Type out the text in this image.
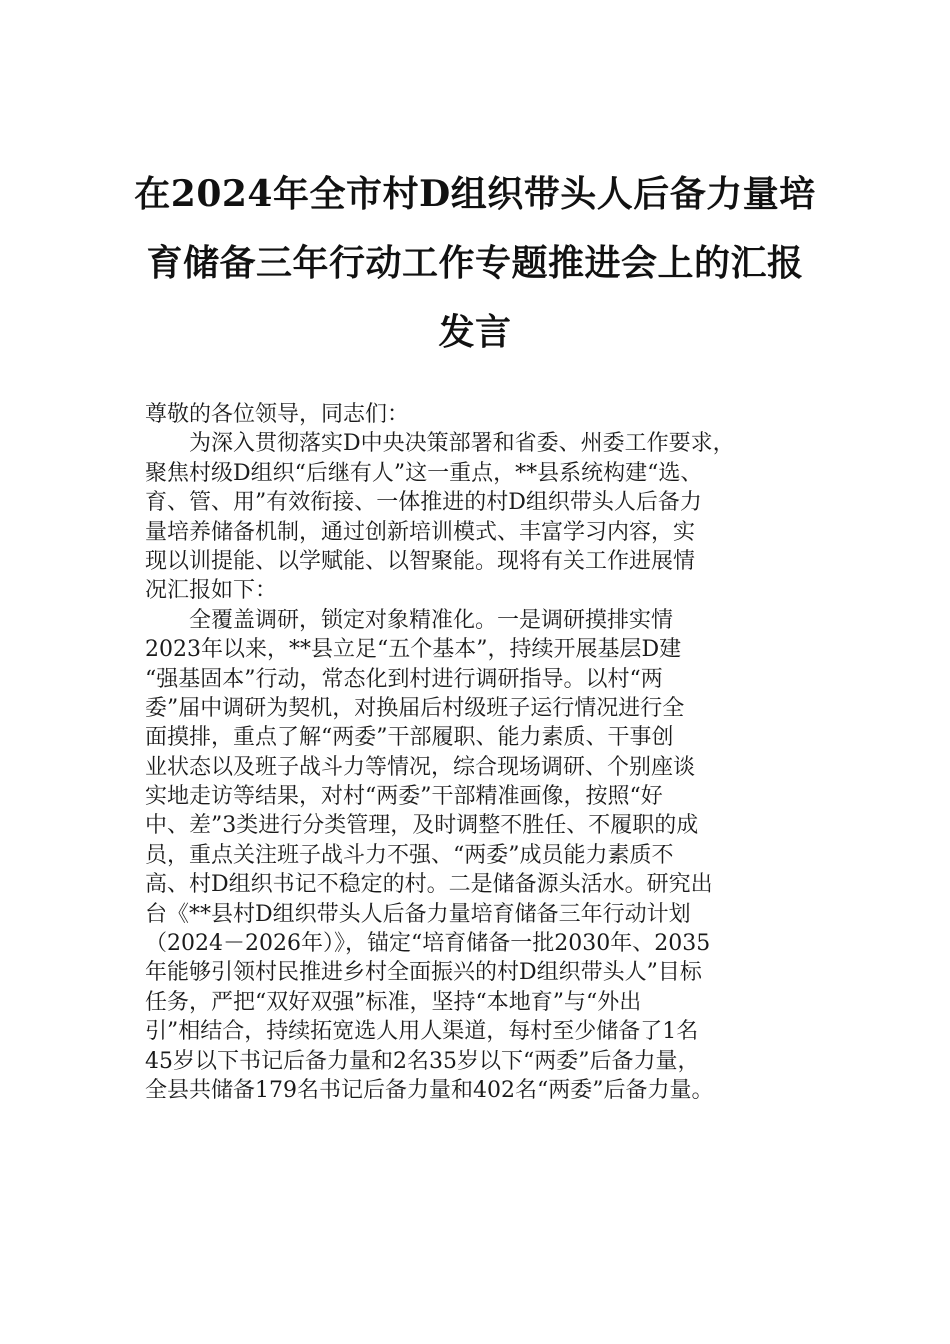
在2024年全市村D组织带头人后备力量培
育储备三年行动工作专题推进会上的汇报
发言
尊敬的各位领导，同志们：
为深入贯彻落实D中央决策部署和省委、州委工作要求，
聚焦村级D组织“后继有人”这一重点，**县系统构建“选、
育、管、用”有效衔接、一体推进的村D组织带头人后备力
量培养储备机制，通过创新培训模式、丰富学习内容，实
现以训提能、以学赋能、以智聚能。现将有关工作进展情
况汇报如下：
全覆盖调研，锁定对象精准化。一是调研摸排实情
2023年以来，**县立足“五个基本”，持续开展基层D建
“强基固本”行动，常态化到村进行调研指导。以村“两
委”届中调研为契机，对换届后村级班子运行情况进行全
面摸排，重点了解“两委”干部履职、能力素质、干事创
业状态以及班子战斗力等情况，综合现场调研、个别座谈
实地走访等结果，对村“两委”干部精准画像，按照“好
中、差”3类进行分类管理，及时调整不胜任、不履职的成
员，重点关注班子战斗力不强、“两委”成员能力素质不
高、村D组织书记不稳定的村。二是储备源头活水。研究出
台《**县村D组织带头人后备力量培育储备三年行动计划
（2024－2026年）》，锚定“培育储备一批2030年、2035
年能够引领村民推进乡村全面振兴的村D组织带头人”目标
任务，严把“双好双强”标准，坚持“本地育”与“外出
引”相结合，持续拓宽选人用人渠道，每村至少储备了1名
45岁以下书记后备力量和2名35岁以下“两委”后备力量，
全县共储备179名书记后备力量和402名“两委”后备力量。
